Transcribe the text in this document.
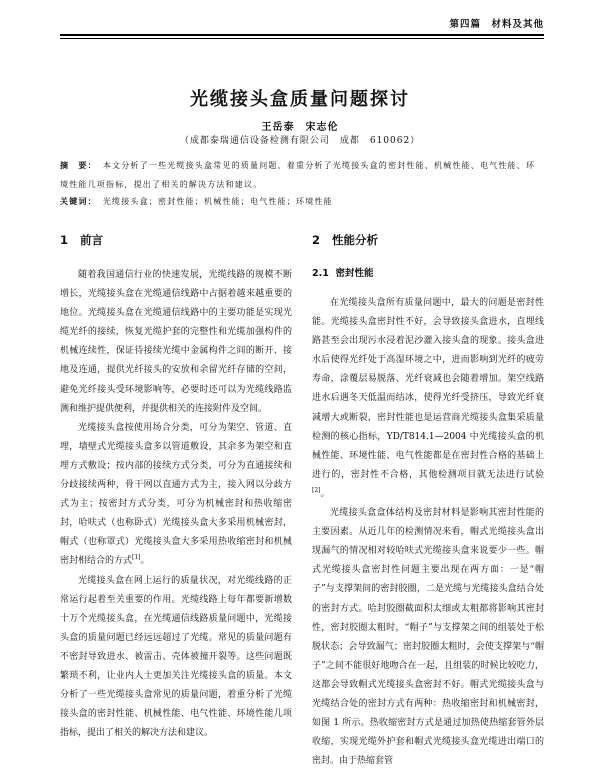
第四篇　材料及其他
光缆接头盒质量问题探讨
王岳泰　宋志伦
（成都泰瑞通信设备检测有限公司　成都　610062）
摘　要： 本文分析了一些光缆接头盒常见的质量问题，着重分析了光缆接头盒的密封性能、机械性能、电气性能、环境性能几项指标，提出了相关的解决方法和建议。
关键词： 光缆接头盒；密封性能；机械性能；电气性能；环境性能
1 前言

随着我国通信行业的快速发展，光缆线路的规模不断增长，光缆接头盒在光缆通信线路中占据着越来越重要的地位。光缆接头盒在光缆通信线路中的主要功能是实现光缆光纤的接续，恢复光缆护套的完整性和光缆加强构件的机械连续性，保证待接续光缆中金属构件之间的断开、接地及连通，提供光纤接头的安放和余留光纤存储的空间，避免光纤接头受环境影响等，必要时还可以为光缆线路监测和维护提供便利，并提供相关的连接附件及空间。

光缆接头盒按使用场合分类，可分为架空、管道、直埋，墙壁式光缆接头盒多以管道敷设，其余多为架空和直埋方式敷设；按内部的接续方式分类，可分为直通接续和分歧接续两种，骨干网以直通方式为主，接入网以分歧方式为主；按密封方式分类，可分为机械密封和热收缩密封，哈呋式（也称卧式）光缆接头盒大多采用机械密封，帽式（也称罩式）光缆接头盒大多采用热收缩密封和机械密封相结合的方式[1]。

光缆接头盒在网上运行的质量状况，对光缆线路的正常运行起着至关重要的作用。光缆线路上每年都要新增数十万个光缆接头盒，在光缆通信线路质量问题中，光缆接头盒的质量问题已经远远超过了光缆。常见的质量问题有不密封导致进水、被雷击、壳体被撞开裂等。这些问题既繁琐不利，让业内人士更加关注光缆接头盒的质量。本文分析了一些光缆接头盒常见的质量问题，着重分析了光缆接头盒的密封性能、机械性能、电气性能、环境性能几项指标，提出了相关的解决方法和建议。

2 性能分析
2.1 密封性能

在光缆接头盒所有质量问题中，最大的问题是密封性能。光缆接头盒密封性不好，会导致接头盒进水，直埋线路甚至会出现污水浸着泥沙灌入接头盒的现象。接头盒进水后使得光纤处于高湿环境之中，进而影响到光纤的疲劳寿命，涂覆层易脱落、光纤衰减也会随着增加。架空线路进水后遇冬天低温而结冰，使得光纤受挤压，导致光纤衰减增大或断裂，密封性能也是运营商光缆接头盒集采质量检测的核心指标，YD/T814.1—2004 中光缆接头盒的机械性能、环境性能、电气性能都是在密封性合格的基础上进行的，密封性不合格，其他检测项目就无法进行试验[2]。

光缆接头盒盒体结构及密封材料是影响其密封性能的主要因素。从近几年的检测情况来看，帽式光缆接头盒出现漏气的情况相对较哈呋式光缆接头盒来说要少一些。帽式光缆接头盒密封性问题主要出现在两方面：一是“帽子”与支撑架间的密封胶圈，二是光缆与光缆接头盒结合处的密封方式。哈封胶圈截面积太细或太粗都将影响其密封性，密封胶圈太粗时，“帽子”与支撑架之间的组装处于松脱状态；会导致漏气；密封胶圈太粗时，会使支撑架与“帽子”之间不能很好地吻合在一起，且组装的时候比较吃力，这都会导致帽式光缆接头盒密封不好。帽式光缆接头盒与光缆结合处的密封方式有两种：热收缩密封和机械密封，如图 1 所示。热收缩密封方式是通过加热使热缩套管外层收缩，实现光缆外护套和帽式光缆接头盒光缆进出端口的密封。由于热缩套管
